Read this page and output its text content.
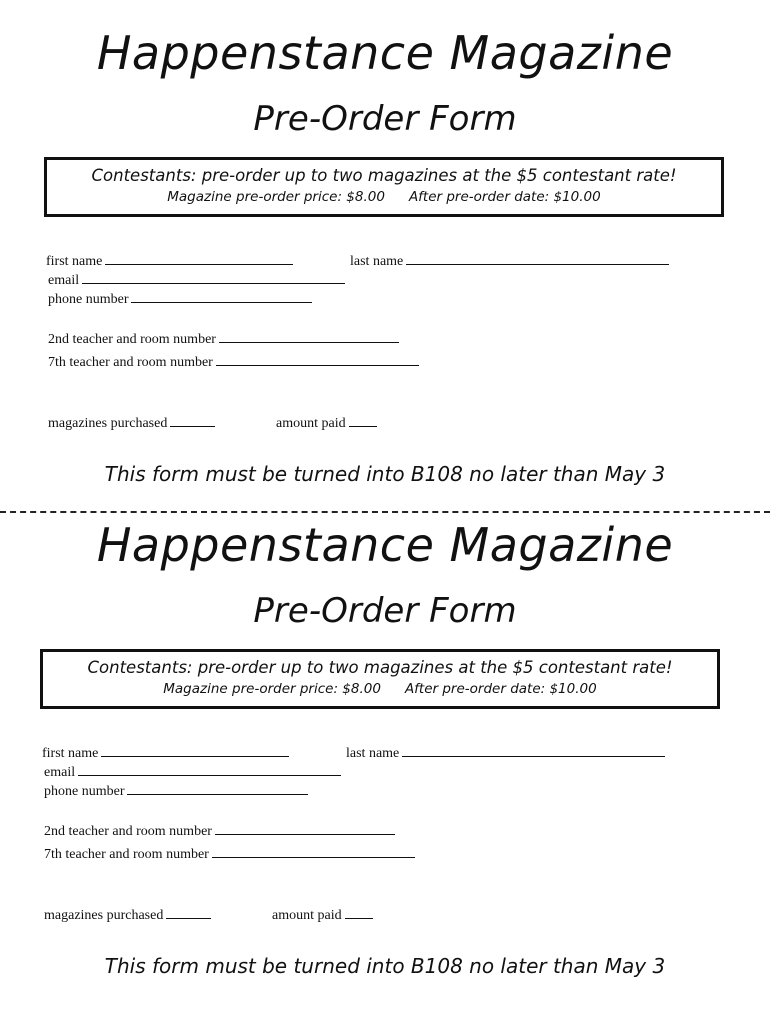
Happenstance Magazine
Pre-Order Form
Contestants: pre-order up to two magazines at the $5 contestant rate!
Magazine pre-order price: $8.00 After pre-order date: $10.00
first name	last name
email
phone number
2nd teacher and room number
7th teacher and room number
magazines purchased	amount paid
This form must be turned into B108 no later than May 3
Happenstance Magazine
Pre-Order Form
Contestants: pre-order up to two magazines at the $5 contestant rate!
Magazine pre-order price: $8.00 After pre-order date: $10.00
first name	last name
email
phone number
2nd teacher and room number
7th teacher and room number
magazines purchased	amount paid
This form must be turned into B108 no later than May 3
